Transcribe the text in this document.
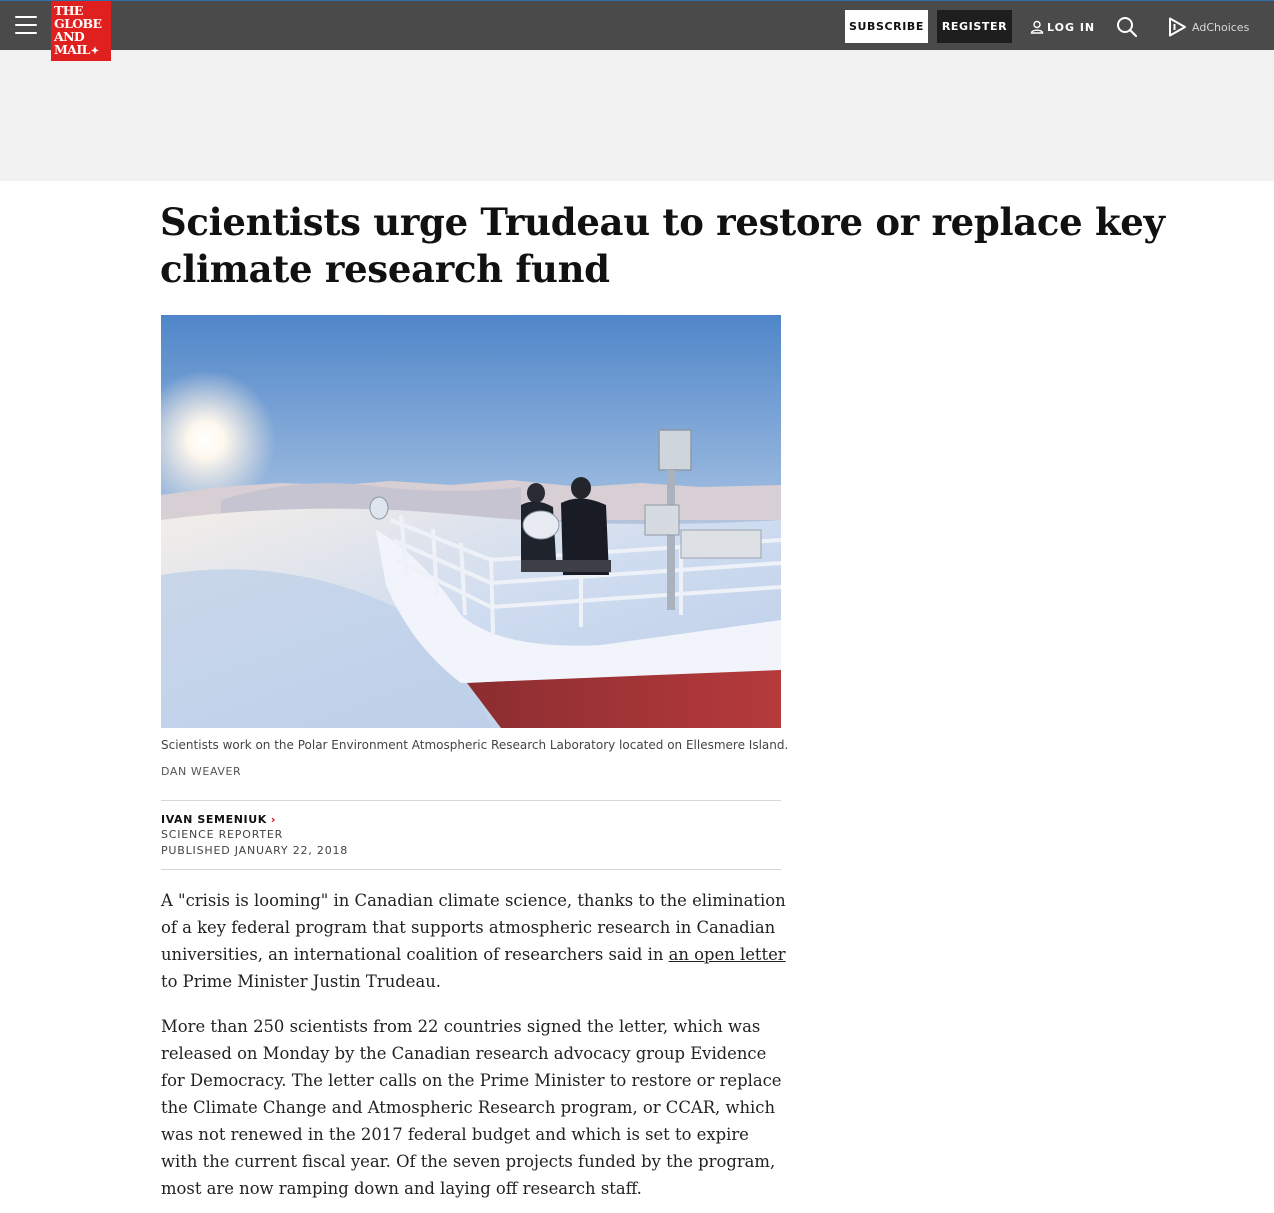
THE
GLOBE
AND
MAIL✦
SUBSCRIBE	REGISTER	LOG IN	AdChoices
Scientists urge Trudeau to restore or replace key climate research fund
Scientists work on the Polar Environment Atmospheric Research Laboratory located on Ellesmere Island.
DAN WEAVER
IVAN SEMENIUK ›
SCIENCE REPORTER
PUBLISHED JANUARY 22, 2018

A "crisis is looming" in Canadian climate science, thanks to the elimination of a key federal program that supports atmospheric research in Canadian universities, an international coalition of researchers said in an open letter to Prime Minister Justin Trudeau.

More than 250 scientists from 22 countries signed the letter, which was released on Monday by the Canadian research advocacy group Evidence for Democracy. The letter calls on the Prime Minister to restore or replace the Climate Change and Atmospheric Research program, or CCAR, which was not renewed in the 2017 federal budget and which is set to expire with the current fiscal year. Of the seven projects funded by the program, most are now ramping down and laying off research staff.
